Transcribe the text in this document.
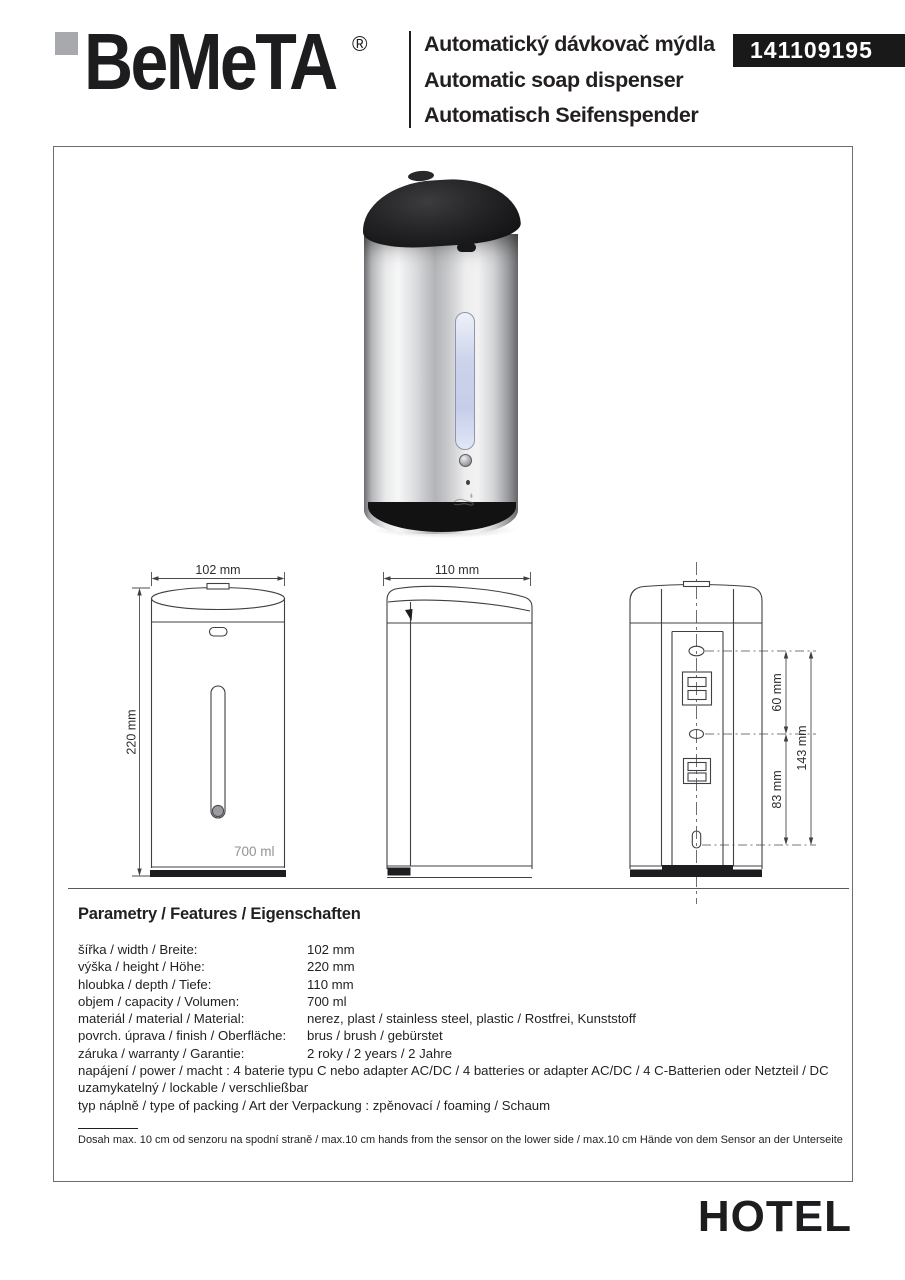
BeMeTA ®	Automatický dávkovač mýdla
Automatic soap dispenser
Automatisch Seifenspender
141109195
102 mm
220 mm
700 ml
110 mm
60 mm
83 mm
143 mm
Parametry / Features / Eigenschaften
šířka / width / Breite:	102 mm
výška / height / Höhe:	220 mm
hloubka / depth / Tiefe:	110 mm
objem / capacity / Volumen:	700 ml
materiál / material / Material:	nerez, plast / stainless steel, plastic / Rostfrei, Kunststoff
povrch. úprava / finish / Oberfläche:	brus / brush / gebürstet
záruka / warranty / Garantie:	2 roky / 2 years / 2 Jahre
napájení / power / macht : 4 baterie typu C nebo adapter AC/DC / 4 batteries or adapter AC/DC / 4 C-Batterien oder Netzteil / DC
uzamykatelný / lockable / verschließbar
typ náplně / type of packing / Art der Verpackung : zpěnovací / foaming / Schaum
Dosah max. 10 cm od senzoru na spodní straně / max.10 cm hands from the sensor on the lower side / max.10 cm Hände von dem Sensor an der Unterseite
HOTEL
